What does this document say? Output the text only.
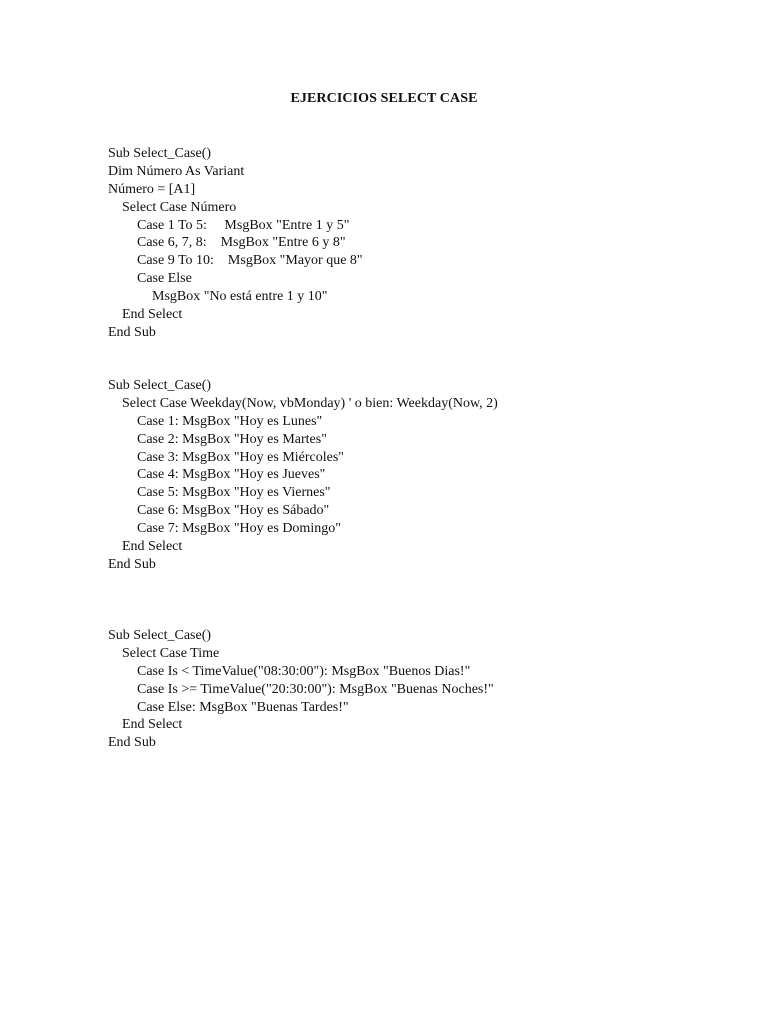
EJERCICIOS SELECT CASE
Sub Select_Case()
Dim Número As Variant
Número = [A1]
Select Case Número
Case 1 To 5:     MsgBox "Entre 1 y 5"
Case 6, 7, 8:    MsgBox "Entre 6 y 8"
Case 9 To 10:    MsgBox "Mayor que 8"
Case Else
MsgBox "No está entre 1 y 10"
End Select
End Sub
Sub Select_Case()
Select Case Weekday(Now, vbMonday) ' o bien: Weekday(Now, 2)
Case 1: MsgBox "Hoy es Lunes"
Case 2: MsgBox "Hoy es Martes"
Case 3: MsgBox "Hoy es Miércoles"
Case 4: MsgBox "Hoy es Jueves"
Case 5: MsgBox "Hoy es Viernes"
Case 6: MsgBox "Hoy es Sábado"
Case 7: MsgBox "Hoy es Domingo"
End Select
End Sub
Sub Select_Case()
Select Case Time
Case Is < TimeValue("08:30:00"): MsgBox "Buenos Dias!"
Case Is >= TimeValue("20:30:00"): MsgBox "Buenas Noches!"
Case Else: MsgBox "Buenas Tardes!"
End Select
End Sub
